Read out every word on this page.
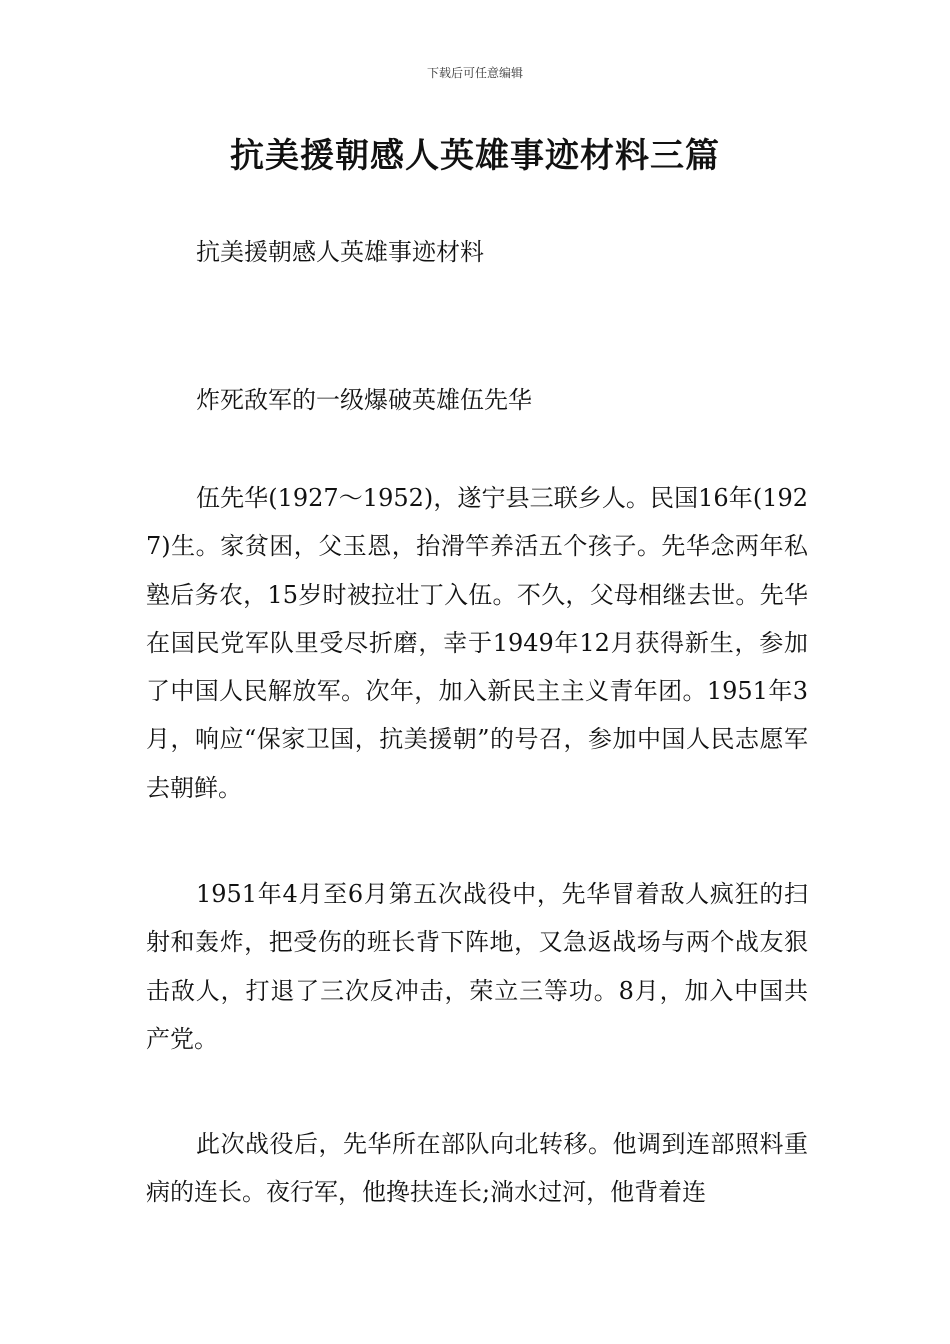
下载后可任意编辑
抗美援朝感人英雄事迹材料三篇

抗美援朝感人英雄事迹材料

炸死敌军的一级爆破英雄伍先华

伍先华(1927～1952)，遂宁县三联乡人。民国16年(1927)生。家贫困，父玉恩，抬滑竿养活五个孩子。先华念两年私塾后务农，15岁时被拉壮丁入伍。不久，父母相继去世。先华在国民党军队里受尽折磨，幸于1949年12月获得新生，参加了中国人民解放军。次年，加入新民主主义青年团。1951年3月，响应“保家卫国，抗美援朝”的号召，参加中国人民志愿军去朝鲜。

1951年4月至6月第五次战役中，先华冒着敌人疯狂的扫射和轰炸，把受伤的班长背下阵地，又急返战场与两个战友狠击敌人，打退了三次反冲击，荣立三等功。8月，加入中国共产党。

此次战役后，先华所在部队向北转移。他调到连部照料重病的连长。夜行军，他搀扶连长;淌水过河，他背着连
